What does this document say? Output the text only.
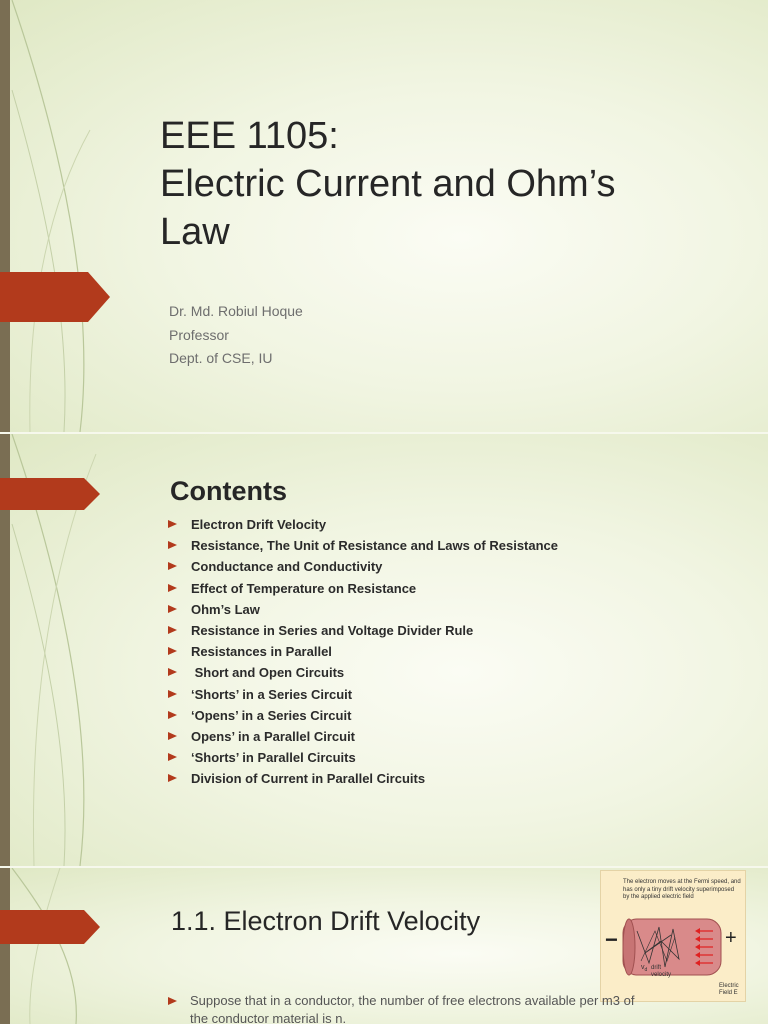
EEE 1105:
Electric Current and Ohm’s
Law
Dr. Md. Robiul Hoque
Professor
Dept. of CSE, IU
Contents
Electron Drift Velocity
Resistance, The Unit of Resistance and Laws of Resistance
Conductance and Conductivity
Effect of Temperature on Resistance
Ohm’s Law
Resistance in Series and Voltage Divider Rule
Resistances in Parallel
Short and Open Circuits
‘Shorts’ in a Series Circuit
‘Opens’ in a Series Circuit
Opens’ in a Parallel Circuit
‘Shorts’ in Parallel Circuits
Division of Current in Parallel Circuits
1.1. Electron Drift Velocity
The electron moves at the Fermi speed, and has only a tiny drift velocity superimposed by the applied electric field
$v_d$
−	+
drift velocity
Electric Field E
Suppose that in a conductor, the number of free electrons available per m3 of
the conductor material is n.
